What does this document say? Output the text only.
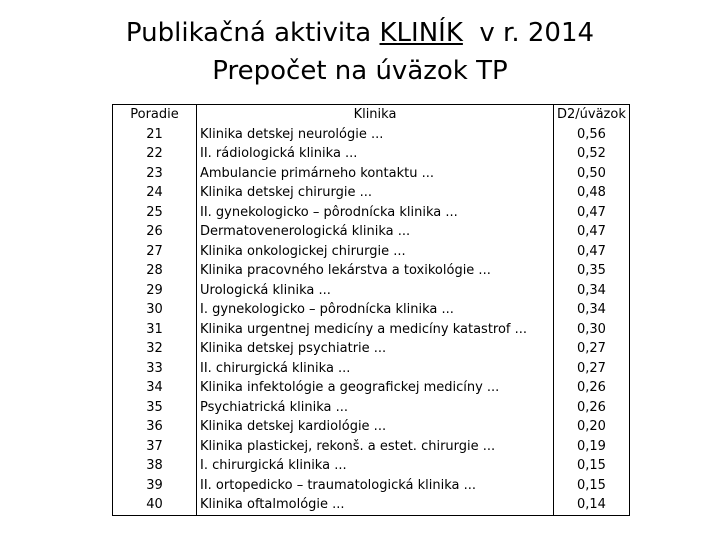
Publikačná aktivita KLINÍK  v r. 2014
Prepočet na úväzok TP
Poradie	Klinika	D2/úväzok
21	Klinika detskej neurológie ...	0,56
22	II. rádiologická klinika ...	0,52
23	Ambulancie primárneho kontaktu ...	0,50
24	Klinika detskej chirurgie ...	0,48
25	II. gynekologicko – pôrodnícka klinika ...	0,47
26	Dermatovenerologická klinika ...	0,47
27	Klinika onkologickej chirurgie ...	0,47
28	Klinika pracovného lekárstva a toxikológie ...	0,35
29	Urologická klinika ...	0,34
30	I. gynekologicko – pôrodnícka klinika ...	0,34
31	Klinika urgentnej medicíny a medicíny katastrof ...	0,30
32	Klinika detskej psychiatrie ...	0,27
33	II. chirurgická klinika ...	0,27
34	Klinika infektológie a geografickej medicíny ...	0,26
35	Psychiatrická klinika ...	0,26
36	Klinika detskej kardiológie ...	0,20
37	Klinika plastickej, rekonš. a estet. chirurgie ...	0,19
38	I. chirurgická klinika ...	0,15
39	II. ortopedicko – traumatologická klinika ...	0,15
40	Klinika oftalmológie ...	0,14
